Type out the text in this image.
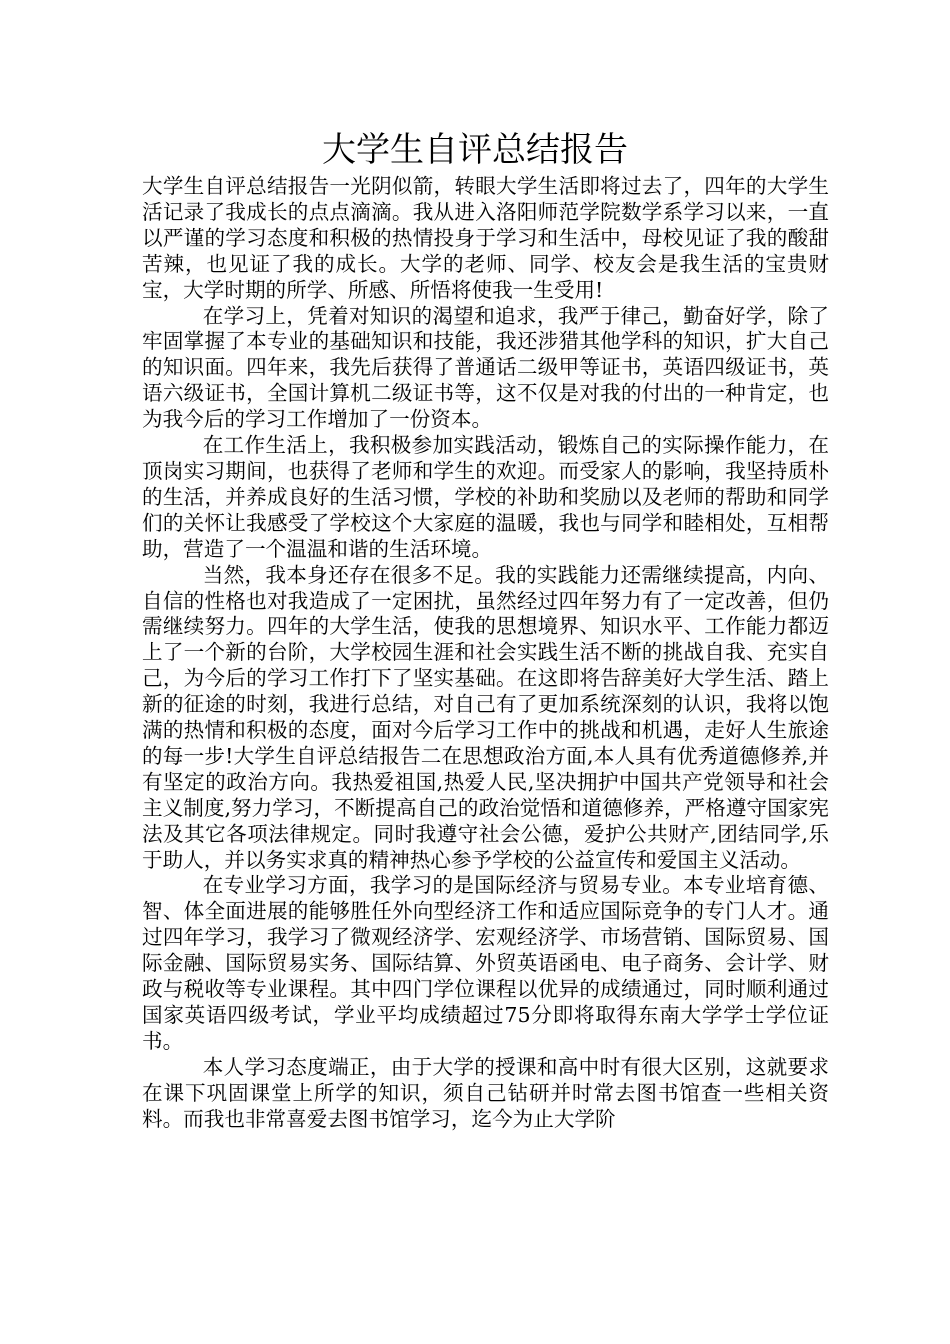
大学生自评总结报告

大学生自评总结报告一光阴似箭，转眼大学生活即将过去了，四年的大学生活记录了我成长的点点滴滴。我从进入洛阳师范学院数学系学习以来，一直以严谨的学习态度和积极的热情投身于学习和生活中，母校见证了我的酸甜苦辣，也见证了我的成长。大学的老师、同学、校友会是我生活的宝贵财宝，大学时期的所学、所感、所悟将使我一生受用!

在学习上，凭着对知识的渴望和追求，我严于律己，勤奋好学，除了牢固掌握了本专业的基础知识和技能，我还涉猎其他学科的知识，扩大自己的知识面。四年来，我先后获得了普通话二级甲等证书，英语四级证书，英语六级证书，全国计算机二级证书等，这不仅是对我的付出的一种肯定，也为我今后的学习工作增加了一份资本。

在工作生活上，我积极参加实践活动，锻炼自己的实际操作能力，在顶岗实习期间，也获得了老师和学生的欢迎。而受家人的影响，我坚持质朴的生活，并养成良好的生活习惯，学校的补助和奖励以及老师的帮助和同学们的关怀让我感受了学校这个大家庭的温暖，我也与同学和睦相处，互相帮助，营造了一个温温和谐的生活环境。

当然，我本身还存在很多不足。我的实践能力还需继续提高，内向、自信的性格也对我造成了一定困扰，虽然经过四年努力有了一定改善，但仍需继续努力。四年的大学生活，使我的思想境界、知识水平、工作能力都迈上了一个新的台阶，大学校园生涯和社会实践生活不断的挑战自我、充实自己，为今后的学习工作打下了坚实基础。在这即将告辞美好大学生活、踏上新的征途的时刻，我进行总结，对自己有了更加系统深刻的认识，我将以饱满的热情和积极的态度，面对今后学习工作中的挑战和机遇，走好人生旅途的每一步!大学生自评总结报告二在思想政治方面,本人具有优秀道德修养,并有坚定的政治方向。我热爱祖国,热爱人民,坚决拥护中国共产党领导和社会主义制度,努力学习，不断提高自己的政治觉悟和道德修养，严格遵守国家宪法及其它各项法律规定。同时我遵守社会公德，爱护公共财产,团结同学,乐于助人，并以务实求真的精神热心参予学校的公益宣传和爱国主义活动。

在专业学习方面，我学习的是国际经济与贸易专业。本专业培育德、智、体全面进展的能够胜任外向型经济工作和适应国际竞争的专门人才。通过四年学习，我学习了微观经济学、宏观经济学、市场营销、国际贸易、国际金融、国际贸易实务、国际结算、外贸英语函电、电子商务、会计学、财政与税收等专业课程。其中四门学位课程以优异的成绩通过，同时顺利通过国家英语四级考试，学业平均成绩超过75分即将取得东南大学学士学位证书。

本人学习态度端正，由于大学的授课和高中时有很大区别，这就要求在课下巩固课堂上所学的知识，须自己钻研并时常去图书馆查一些相关资料。而我也非常喜爱去图书馆学习，迄今为止大学阶
